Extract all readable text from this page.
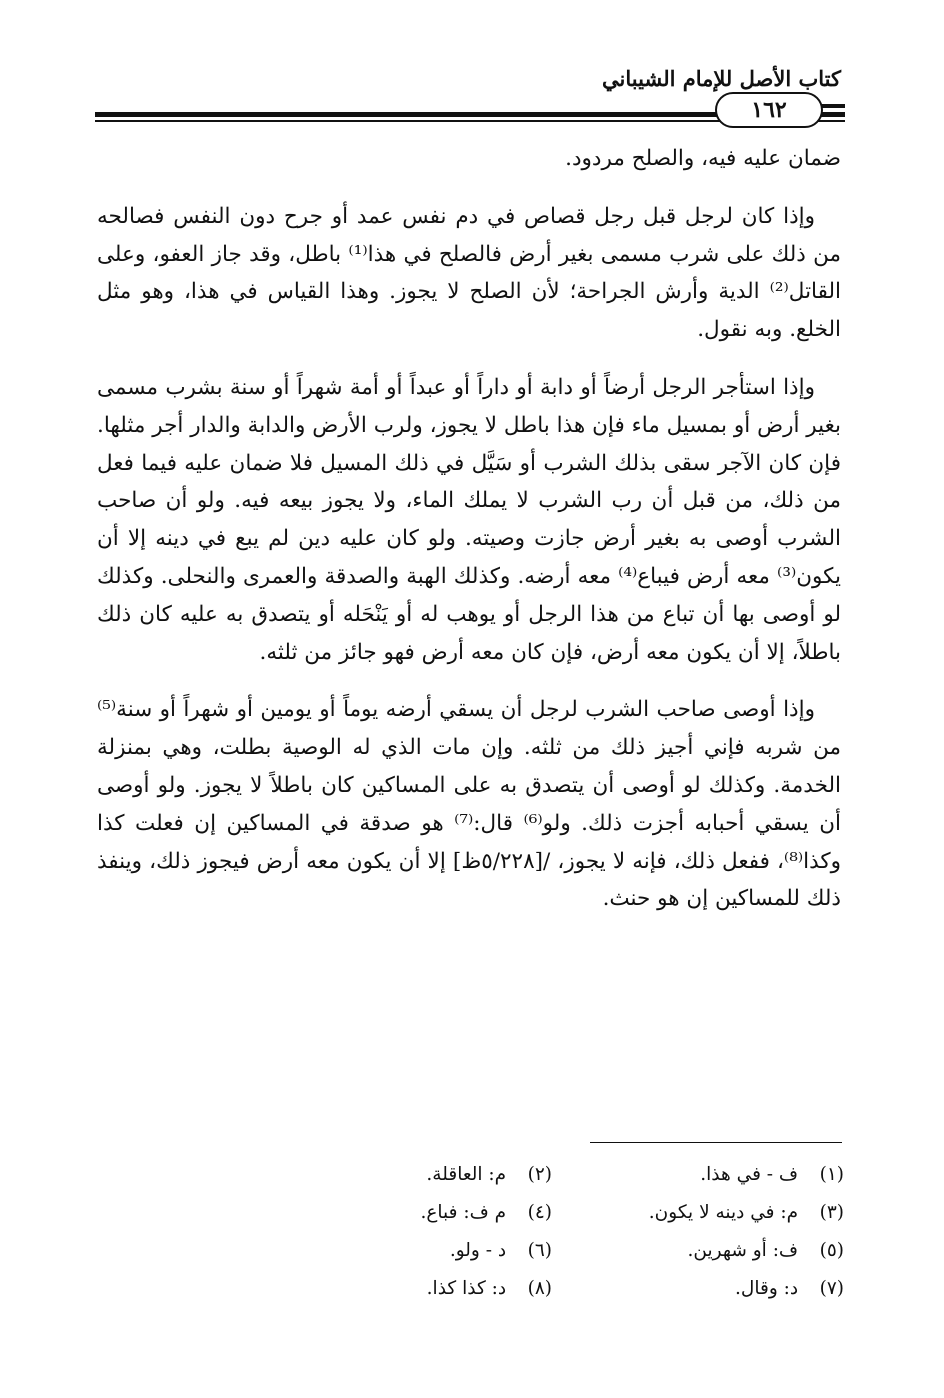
كتاب الأصل للإمام الشيباني
١٦٢

ضمان عليه فيه، والصلح مردود.

وإذا كان لرجل قبل رجل قصاص في دم نفس عمد أو جرح دون النفس فصالحه من ذلك على شرب مسمى بغير أرض فالصلح في هذا⁽¹⁾ باطل، وقد جاز العفو، وعلى القاتل⁽²⁾ الدية وأرش الجراحة؛ لأن الصلح لا يجوز. وهذا القياس في هذا، وهو مثل الخلع. وبه نقول.

وإذا استأجر الرجل أرضاً أو دابة أو داراً أو عبداً أو أمة شهراً أو سنة بشرب مسمى بغير أرض أو بمسيل ماء فإن هذا باطل لا يجوز، ولرب الأرض والدابة والدار أجر مثلها. فإن كان الآجر سقى بذلك الشرب أو سَيَّل في ذلك المسيل فلا ضمان عليه فيما فعل من ذلك، من قبل أن رب الشرب لا يملك الماء، ولا يجوز بيعه فيه. ولو أن صاحب الشرب أوصى به بغير أرض جازت وصيته. ولو كان عليه دين لم يبع في دينه إلا أن يكون⁽³⁾ معه أرض فيباع⁽⁴⁾ معه أرضه. وكذلك الهبة والصدقة والعمرى والنحلى. وكذلك لو أوصى بها أن تباع من هذا الرجل أو يوهب له أو يَنْحَله أو يتصدق به عليه كان ذلك باطلاً، إلا أن يكون معه أرض، فإن كان معه أرض فهو جائز من ثلثه.

وإذا أوصى صاحب الشرب لرجل أن يسقي أرضه يوماً أو يومين أو شهراً أو سنة⁽⁵⁾ من شربه فإني أجيز ذلك من ثلثه. وإن مات الذي له الوصية بطلت، وهي بمنزلة الخدمة. وكذلك لو أوصى أن يتصدق به على المساكين كان باطلاً لا يجوز. ولو أوصى أن يسقي أحبابه أجزت ذلك. ولو⁽⁶⁾ قال:⁽⁷⁾ هو صدقة في المساكين إن فعلت كذا وكذا⁽⁸⁾، ففعل ذلك، فإنه لا يجوز، /[٥/٢٢٨ظ] إلا أن يكون معه أرض فيجوز ذلك، وينفذ ذلك للمساكين إن هو حنث.

(١) ف - في هذا.
(٢) م: العاقلة.
(٣) م: في دينه لا يكون.
(٤) م ف: فباع.
(٥) ف: أو شهرين.
(٦) د - ولو.
(٧) د: وقال.
(٨) د: كذا كذا.
